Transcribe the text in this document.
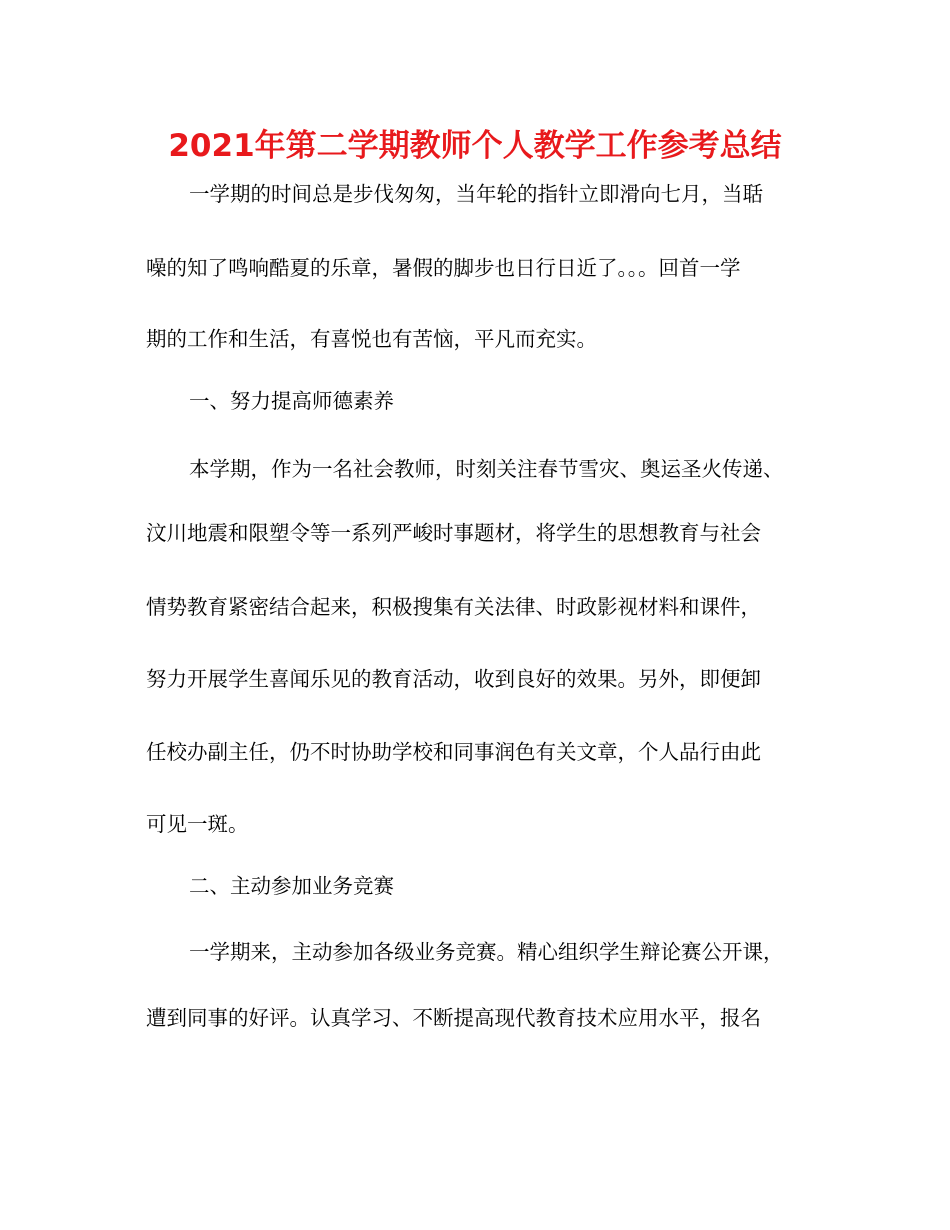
2021年第二学期教师个人教学工作参考总结

一学期的时间总是步伐匆匆，当年轮的指针立即滑向七月，当聒

噪的知了鸣响酷夏的乐章，暑假的脚步也日行日近了。。。回首一学

期的工作和生活，有喜悦也有苦恼，平凡而充实。

一、努力提高师德素养

本学期，作为一名社会教师，时刻关注春节雪灾、奥运圣火传递、

汶川地震和限塑令等一系列严峻时事题材，将学生的思想教育与社会

情势教育紧密结合起来，积极搜集有关法律、时政影视材料和课件，

努力开展学生喜闻乐见的教育活动，收到良好的效果。另外，即便卸

任校办副主任，仍不时协助学校和同事润色有关文章，个人品行由此

可见一斑。

二、主动参加业务竞赛

一学期来，主动参加各级业务竞赛。精心组织学生辩论赛公开课，

遭到同事的好评。认真学习、不断提高现代教育技术应用水平，报名
